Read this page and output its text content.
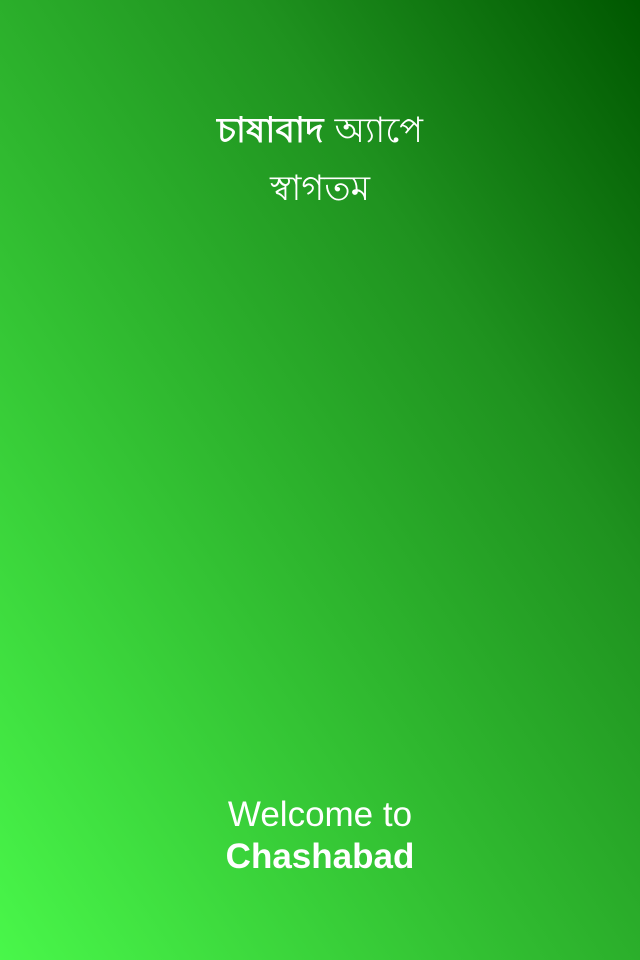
চাষাবাদ অ্যাপে
স্বাগতম
Welcome to
Chashabad
